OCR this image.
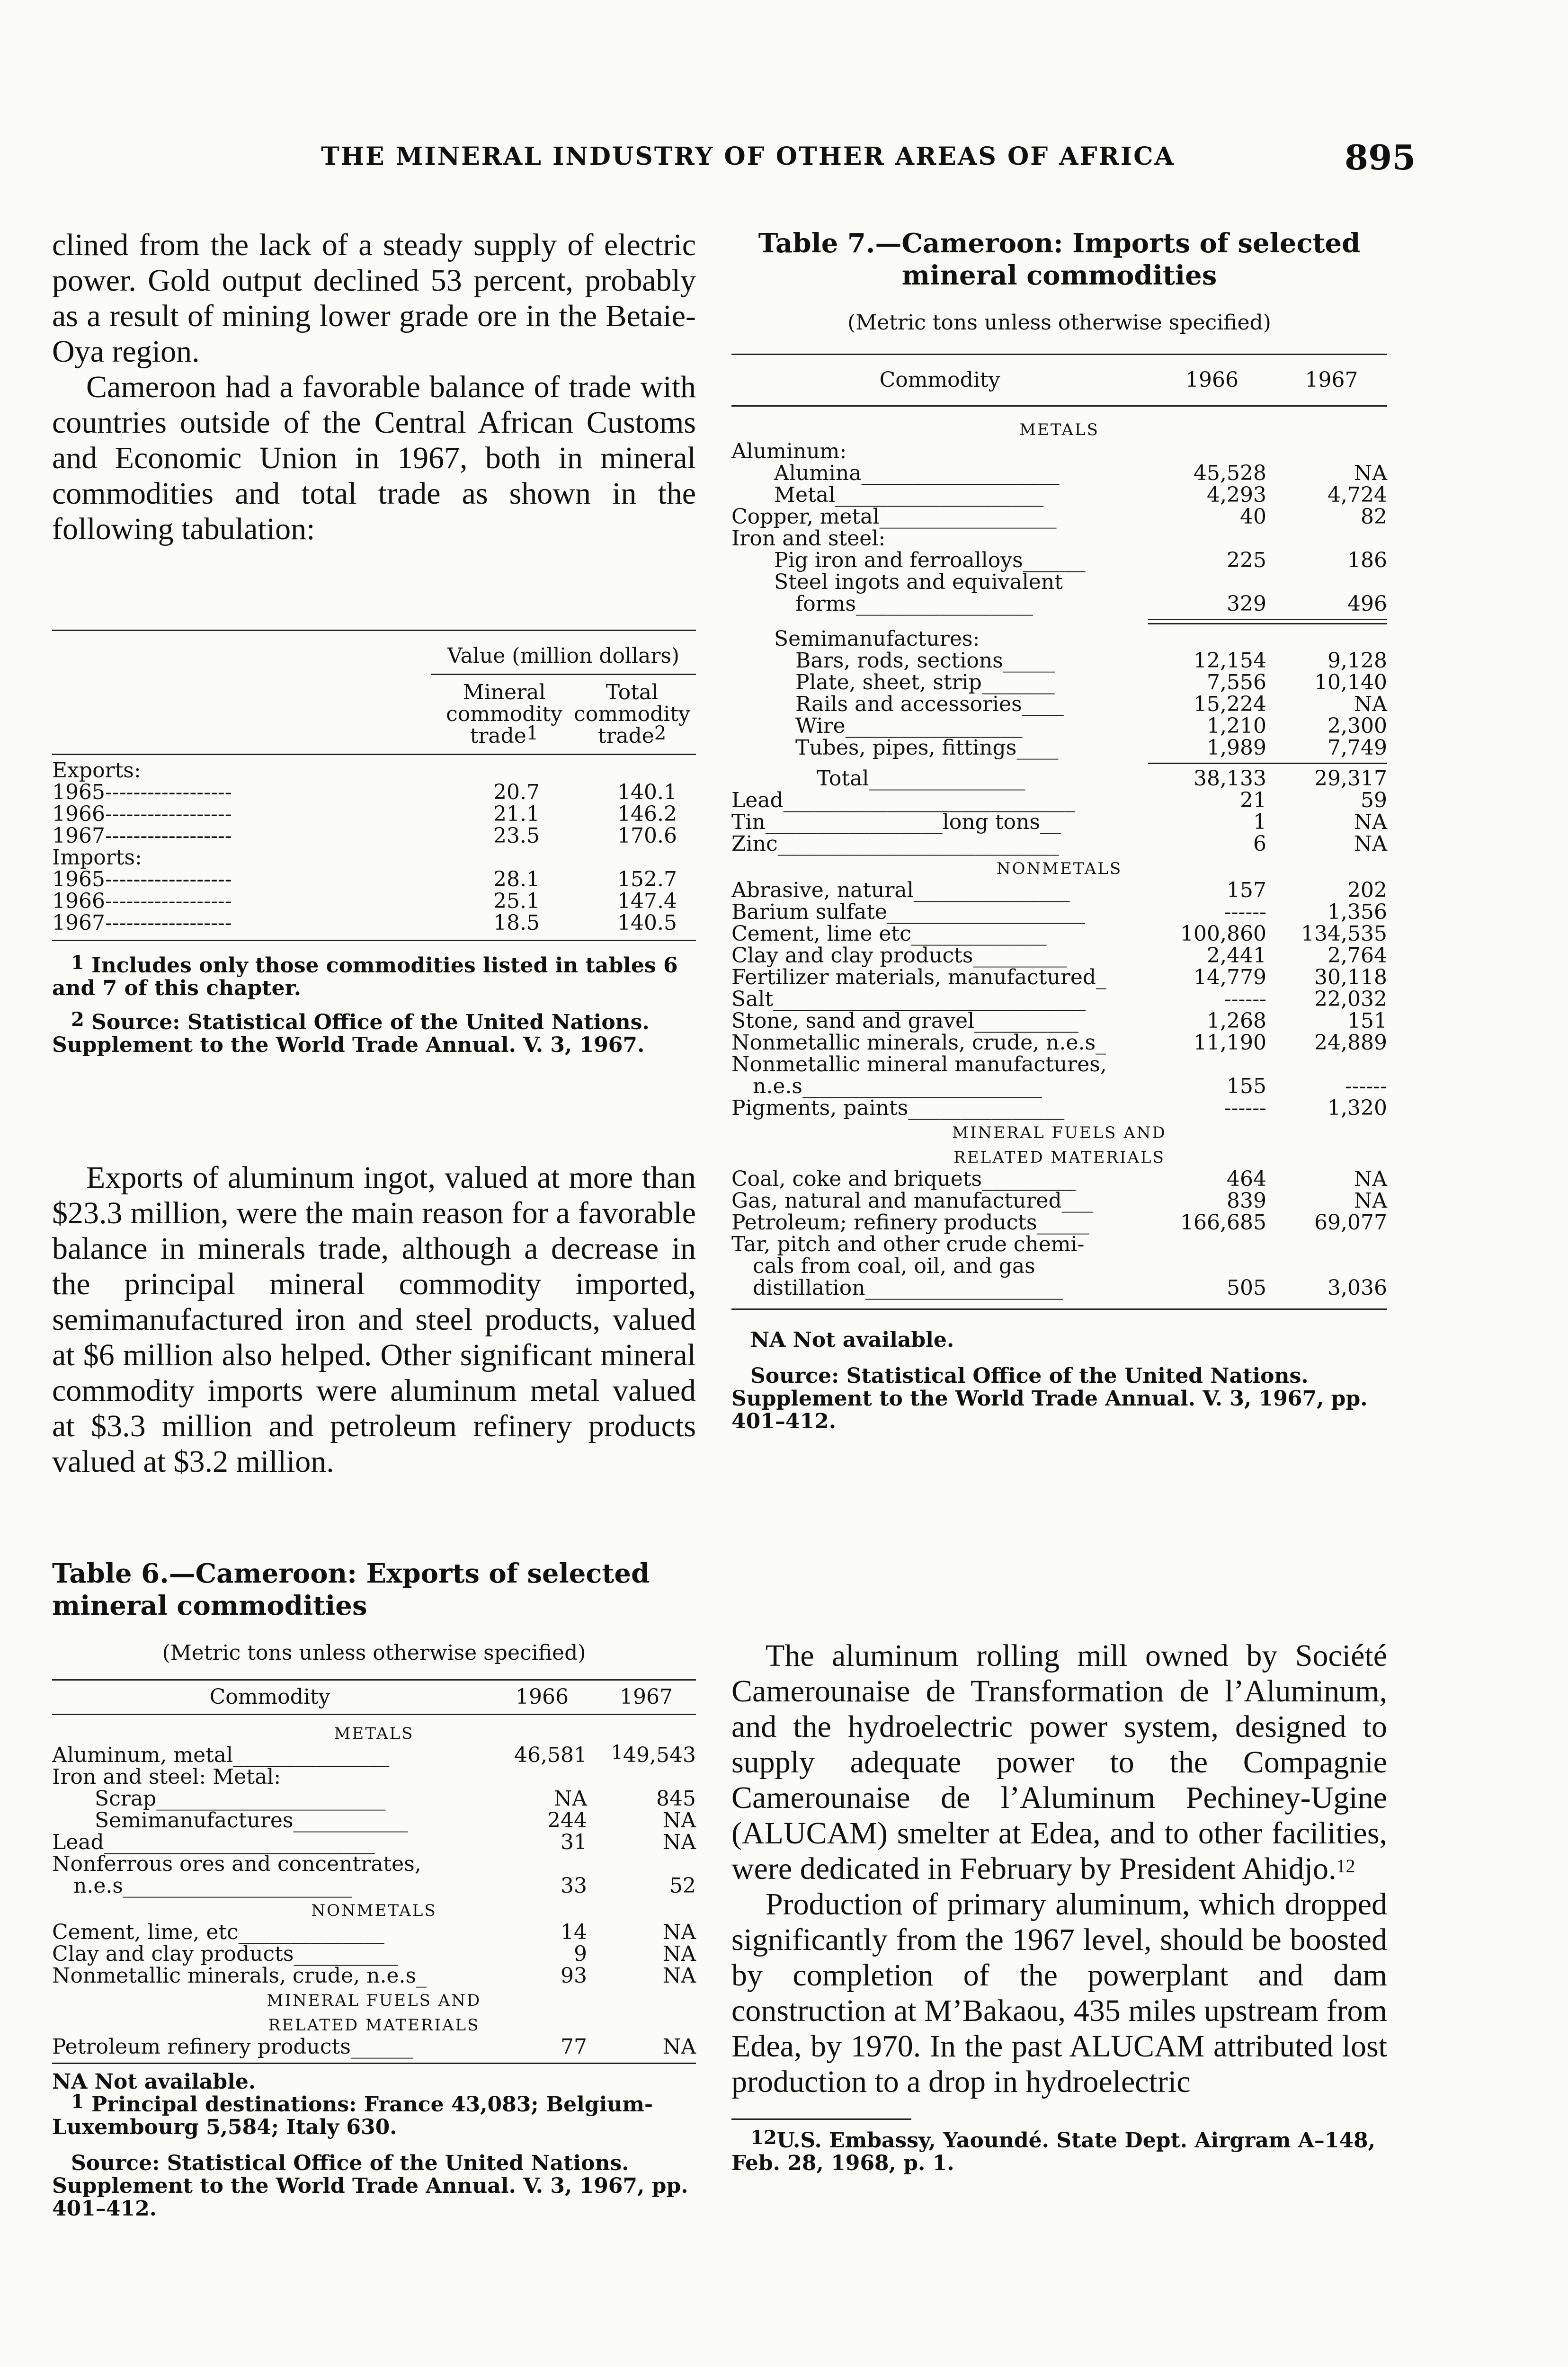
THE MINERAL INDUSTRY OF OTHER AREAS OF AFRICA	895

clined from the lack of a steady supply of electric power. Gold output declined 53 percent, probably as a result of mining lower grade ore in the Betaie-Oya region.

Cameroon had a favorable balance of trade with countries outside of the Central African Customs and Economic Union in 1967, both in mineral commodities and total trade as shown in the following tabulation:

	Value (million dollars)
	Mineral	Total
	commodity	commodity
	trade1	trade2
Exports:		
1965------------------	20.7	140.1
1966------------------	21.1	146.2
1967------------------	23.5	170.6
Imports:		
1965------------------	28.1	152.7
1966------------------	25.1	147.4
1967------------------	18.5	140.5

1 Includes only those commodities listed in tables 6 and 7 of this chapter.

2 Source: Statistical Office of the United Nations. Supplement to the World Trade Annual. V. 3, 1967.

Exports of aluminum ingot, valued at more than $23.3 million, were the main reason for a favorable balance in minerals trade, although a decrease in the principal mineral commodity imported, semimanufactured iron and steel products, valued at $6 million also helped. Other significant mineral commodity imports were aluminum metal valued at $3.3 million and petroleum refinery products valued at $3.2 million.

Table 6.—Cameroon: Exports of selected mineral commodities

(Metric tons unless otherwise specified)

Commodity	1966	1967
METALS		
Aluminum, metal_______________	46,581	149,543
Iron and steel: Metal:		
Scrap______________________	NA	845
Semimanufactures___________	244	NA
Lead__________________________	31	NA
Nonferrous ores and concentrates,		
n.e.s______________________	33	52
NONMETALS		
Cement, lime, etc______________	14	NA
Clay and clay products__________	9	NA
Nonmetallic minerals, crude, n.e.s_	93	NA
MINERAL FUELS AND		
RELATED MATERIALS		
Petroleum refinery products______	77	NA

NA Not available.

1 Principal destinations: France 43,083; Belgium-Luxembourg 5,584; Italy 630.

Source: Statistical Office of the United Nations. Supplement to the World Trade Annual. V. 3, 1967, pp. 401–412.

Table 7.—Cameroon: Imports of selected

mineral commodities

(Metric tons unless otherwise specified)

Commodity	1966	1967
METALS		
Aluminum:		
Alumina___________________	45,528	NA
Metal____________________	4,293	4,724
Copper, metal_________________	40	82
Iron and steel:		
Pig iron and ferroalloys______	225	186
Steel ingots and equivalent		
forms_________________	329	496

Semimanufactures:		
Bars, rods, sections_____	12,154	9,128
Plate, sheet, strip_______	7,556	10,140
Rails and accessories____	15,224	NA
Wire_________________	1,210	2,300
Tubes, pipes, fittings____	1,989	7,749

Total_______________	38,133	29,317
Lead____________________________	21	59
Tin_________________long tons__	1	NA
Zinc___________________________	6	NA
NONMETALS		
Abrasive, natural_______________	157	202
Barium sulfate___________________	------	1,356
Cement, lime etc_____________	100,860	134,535
Clay and clay products_________	2,441	2,764
Fertilizer materials, manufactured_	14,779	30,118
Salt______________________________	------	22,032
Stone, sand and gravel__________	1,268	151
Nonmetallic minerals, crude, n.e.s_	11,190	24,889
Nonmetallic mineral manufactures,		
n.e.s_______________________	155	------
Pigments, paints_______________	------	1,320
MINERAL FUELS AND		
RELATED MATERIALS		
Coal, coke and briquets_________	464	NA
Gas, natural and manufactured___	839	NA
Petroleum; refinery products_____	166,685	69,077
Tar, pitch and other crude chemi-		
cals from coal, oil, and gas		
distillation___________________	505	3,036

NA Not available.

Source: Statistical Office of the United Nations. Supplement to the World Trade Annual. V. 3, 1967, pp. 401–412.

The aluminum rolling mill owned by Société Camerounaise de Transformation de l’Aluminum, and the hydroelectric power system, designed to supply adequate power to the Compagnie Camerounaise de l’Aluminum Pechiney-Ugine (ALUCAM) smelter at Edea, and to other facilities, were dedicated in February by President Ahidjo.$^{12}$

Production of primary aluminum, which dropped significantly from the 1967 level, should be boosted by completion of the powerplant and dam construction at M’Bakaou, 435 miles upstream from Edea, by 1970. In the past ALUCAM attributed lost production to a drop in hydroelectric

12U.S. Embassy, Yaoundé. State Dept. Airgram A–148, Feb. 28, 1968, p. 1.
